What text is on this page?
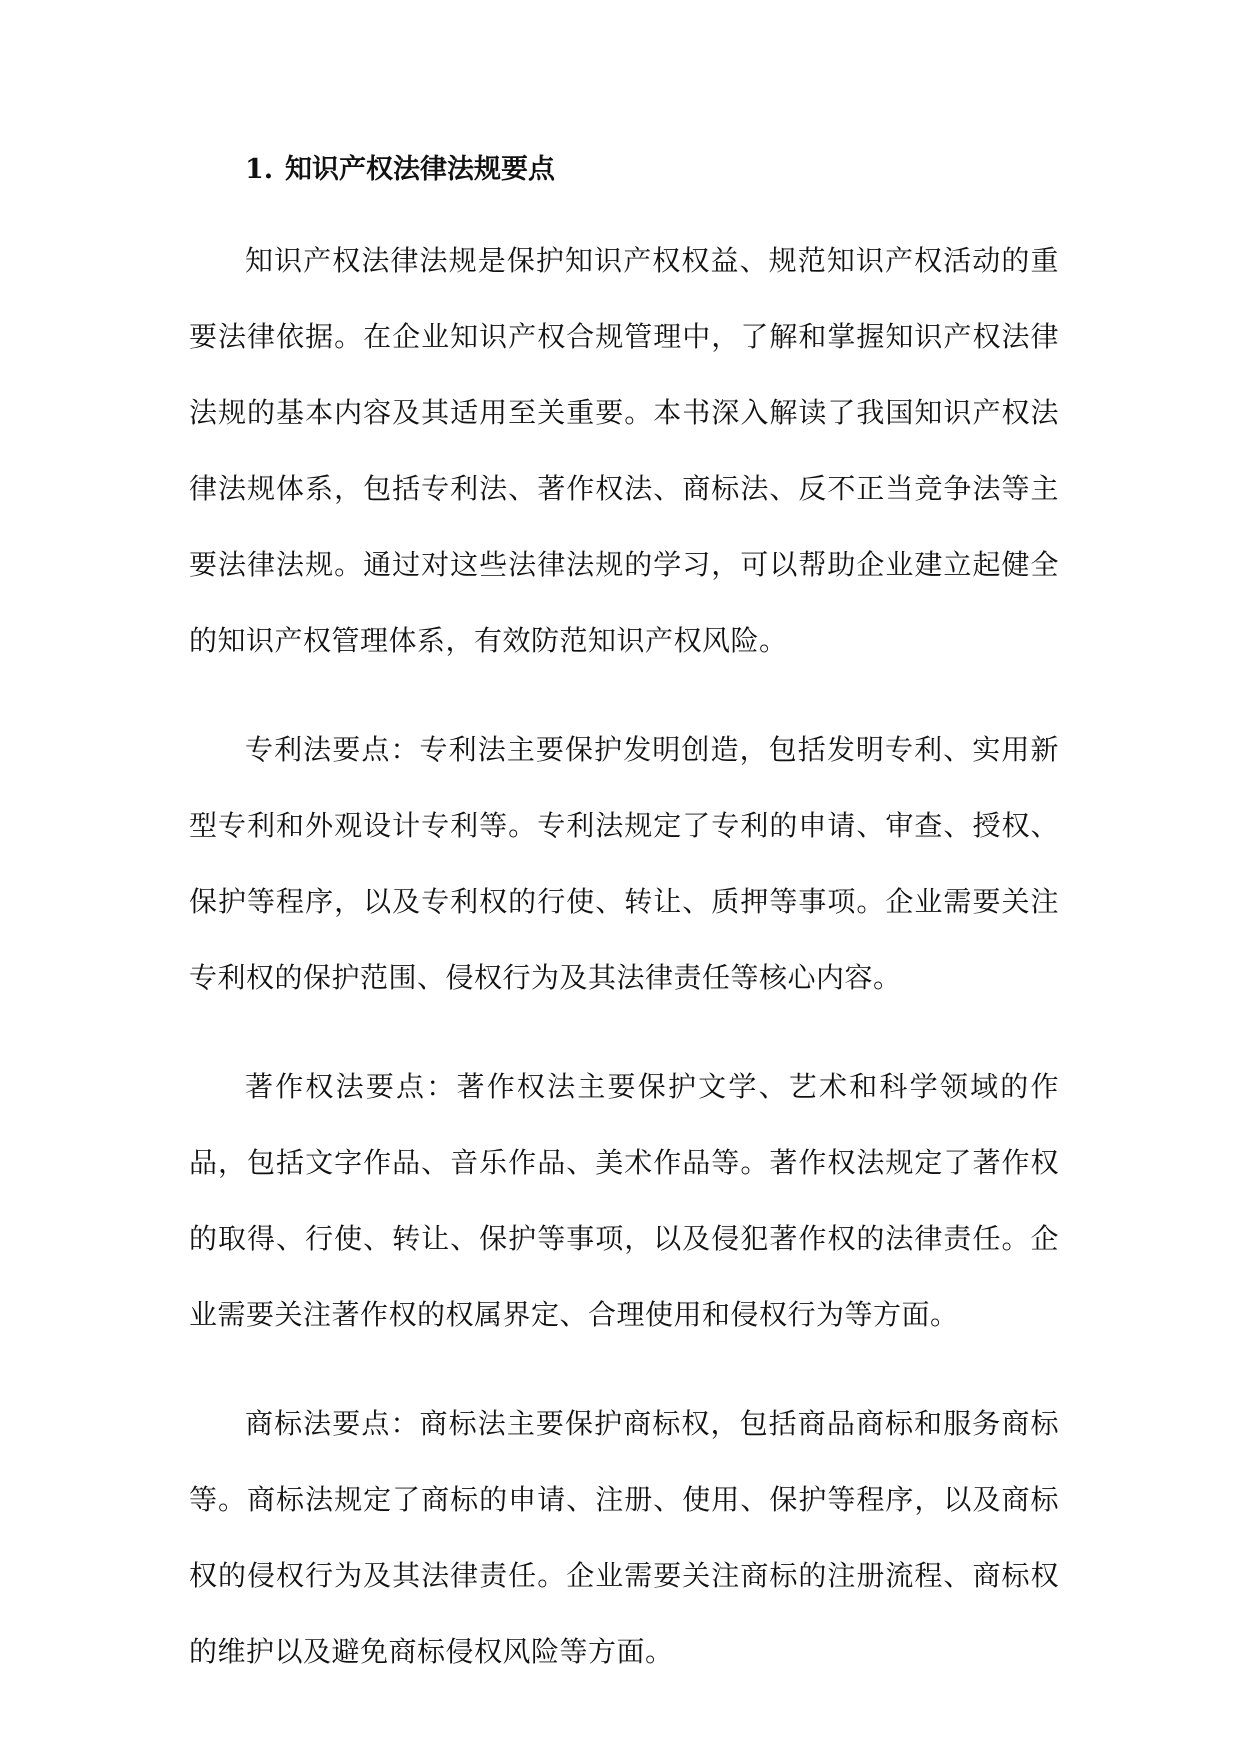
1. 知识产权法律法规要点

知识产权法律法规是保护知识产权权益、规范知识产权活动的重要法律依据。在企业知识产权合规管理中，了解和掌握知识产权法律法规的基本内容及其适用至关重要。本书深入解读了我国知识产权法律法规体系，包括专利法、著作权法、商标法、反不正当竞争法等主要法律法规。通过对这些法律法规的学习，可以帮助企业建立起健全的知识产权管理体系，有效防范知识产权风险。

专利法要点：专利法主要保护发明创造，包括发明专利、实用新型专利和外观设计专利等。专利法规定了专利的申请、审查、授权、保护等程序，以及专利权的行使、转让、质押等事项。企业需要关注专利权的保护范围、侵权行为及其法律责任等核心内容。

著作权法要点：著作权法主要保护文学、艺术和科学领域的作品，包括文字作品、音乐作品、美术作品等。著作权法规定了著作权的取得、行使、转让、保护等事项，以及侵犯著作权的法律责任。企业需要关注著作权的权属界定、合理使用和侵权行为等方面。

商标法要点：商标法主要保护商标权，包括商品商标和服务商标等。商标法规定了商标的申请、注册、使用、保护等程序，以及商标权的侵权行为及其法律责任。企业需要关注商标的注册流程、商标权的维护以及避免商标侵权风险等方面。
